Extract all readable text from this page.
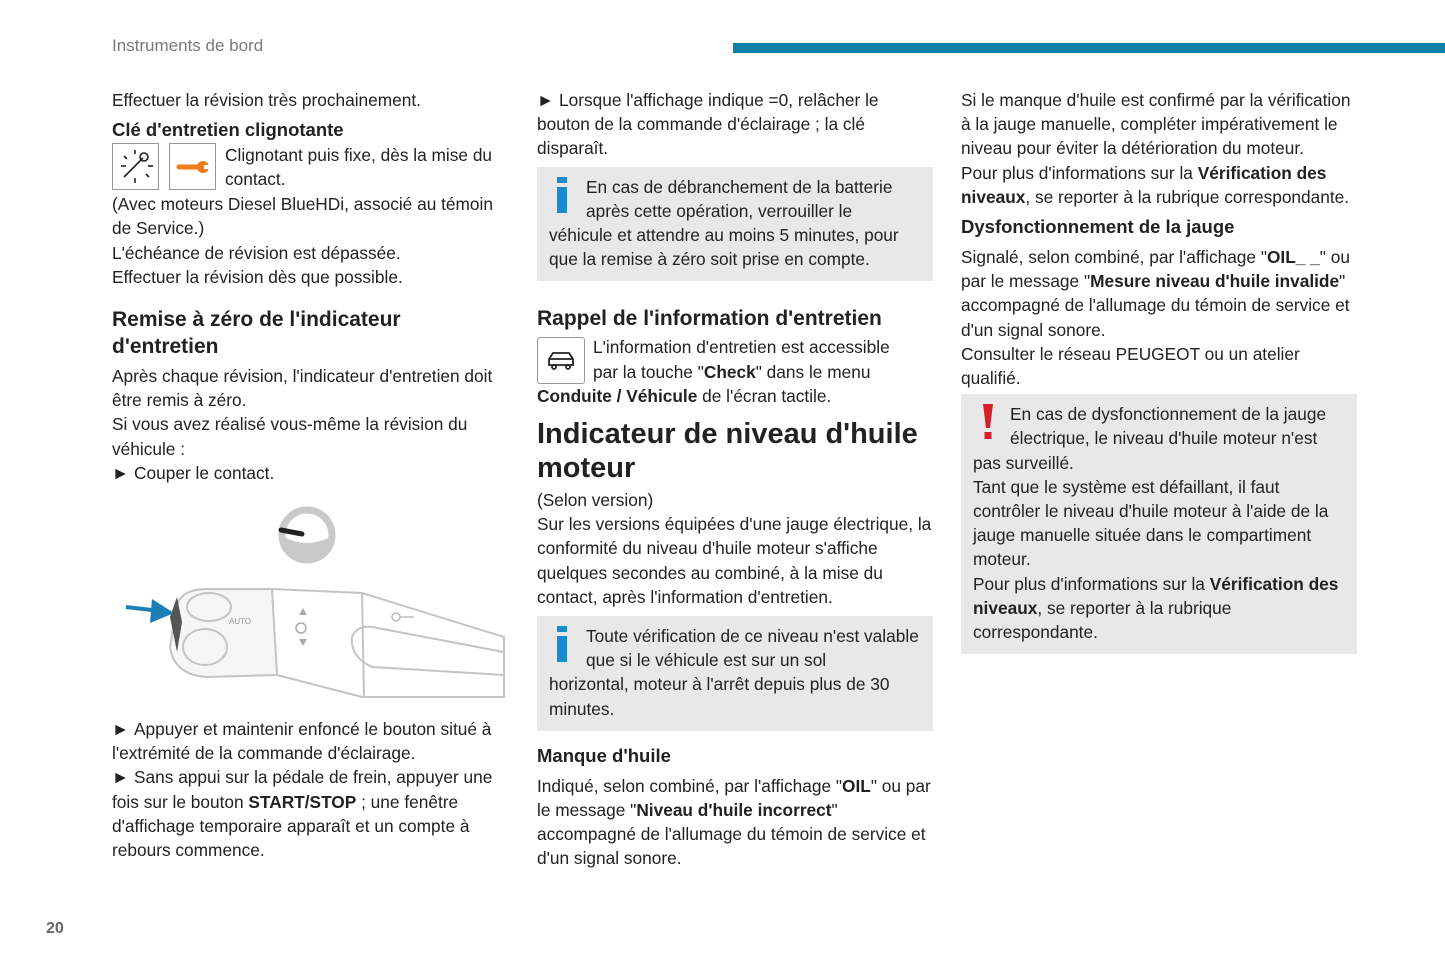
Instruments de bord
20

Effectuer la révision très prochainement.

Clé d'entretien clignotante

Clignotant puis fixe, dès la mise du
contact.

(Avec moteurs Diesel BlueHDi, associé au témoin de Service.)

L'échéance de révision est dépassée.

Effectuer la révision dès que possible.

Remise à zéro de l'indicateur d'entretien

Après chaque révision, l'indicateur d'entretien doit être remis à zéro.

Si vous avez réalisé vous-même la révision du véhicule :

► Couper le contact.

AUTO

► Appuyer et maintenir enfoncé le bouton situé à l'extrémité de la commande d'éclairage.

► Sans appui sur la pédale de frein, appuyer une fois sur le bouton START/STOP ; une fenêtre d'affichage temporaire apparaît et un compte à rebours commence.

► Lorsque l'affichage indique =0, relâcher le bouton de la commande d'éclairage ; la clé disparaît.

En cas de débranchement de la batterie après cette opération, verrouiller le
véhicule et attendre au moins 5 minutes, pour que la remise à zéro soit prise en compte.
Rappel de l'information d'entretien
L'information d'entretien est accessible
par la touche "Check" dans le menu
Conduite / Véhicule de l'écran tactile.
Indicateur de niveau d'huile moteur

(Selon version)

Sur les versions équipées d'une jauge électrique, la conformité du niveau d'huile moteur s'affiche quelques secondes au combiné, à la mise du contact, après l'information d'entretien.

Toute vérification de ce niveau n'est valable que si le véhicule est sur un sol
horizontal, moteur à l'arrêt depuis plus de 30 minutes.
Manque d'huile

Indiqué, selon combiné, par l'affichage "OIL" ou par le message "Niveau d'huile incorrect" accompagné de l'allumage du témoin de service et d'un signal sonore.

Si le manque d'huile est confirmé par la vérification à la jauge manuelle, compléter impérativement le niveau pour éviter la détérioration du moteur.

Pour plus d'informations sur la Vérification des niveaux, se reporter à la rubrique correspondante.

Dysfonctionnement de la jauge

Signalé, selon combiné, par l'affichage "OIL_ _" ou par le message "Mesure niveau d'huile invalide" accompagné de l'allumage du témoin de service et d'un signal sonore.

Consulter le réseau PEUGEOT ou un atelier qualifié.

En cas de dysfonctionnement de la jauge électrique, le niveau d'huile moteur n'est
pas surveillé.
Tant que le système est défaillant, il faut contrôler le niveau d'huile moteur à l'aide de la jauge manuelle située dans le compartiment moteur.
Pour plus d'informations sur la Vérification des niveaux, se reporter à la rubrique correspondante.
